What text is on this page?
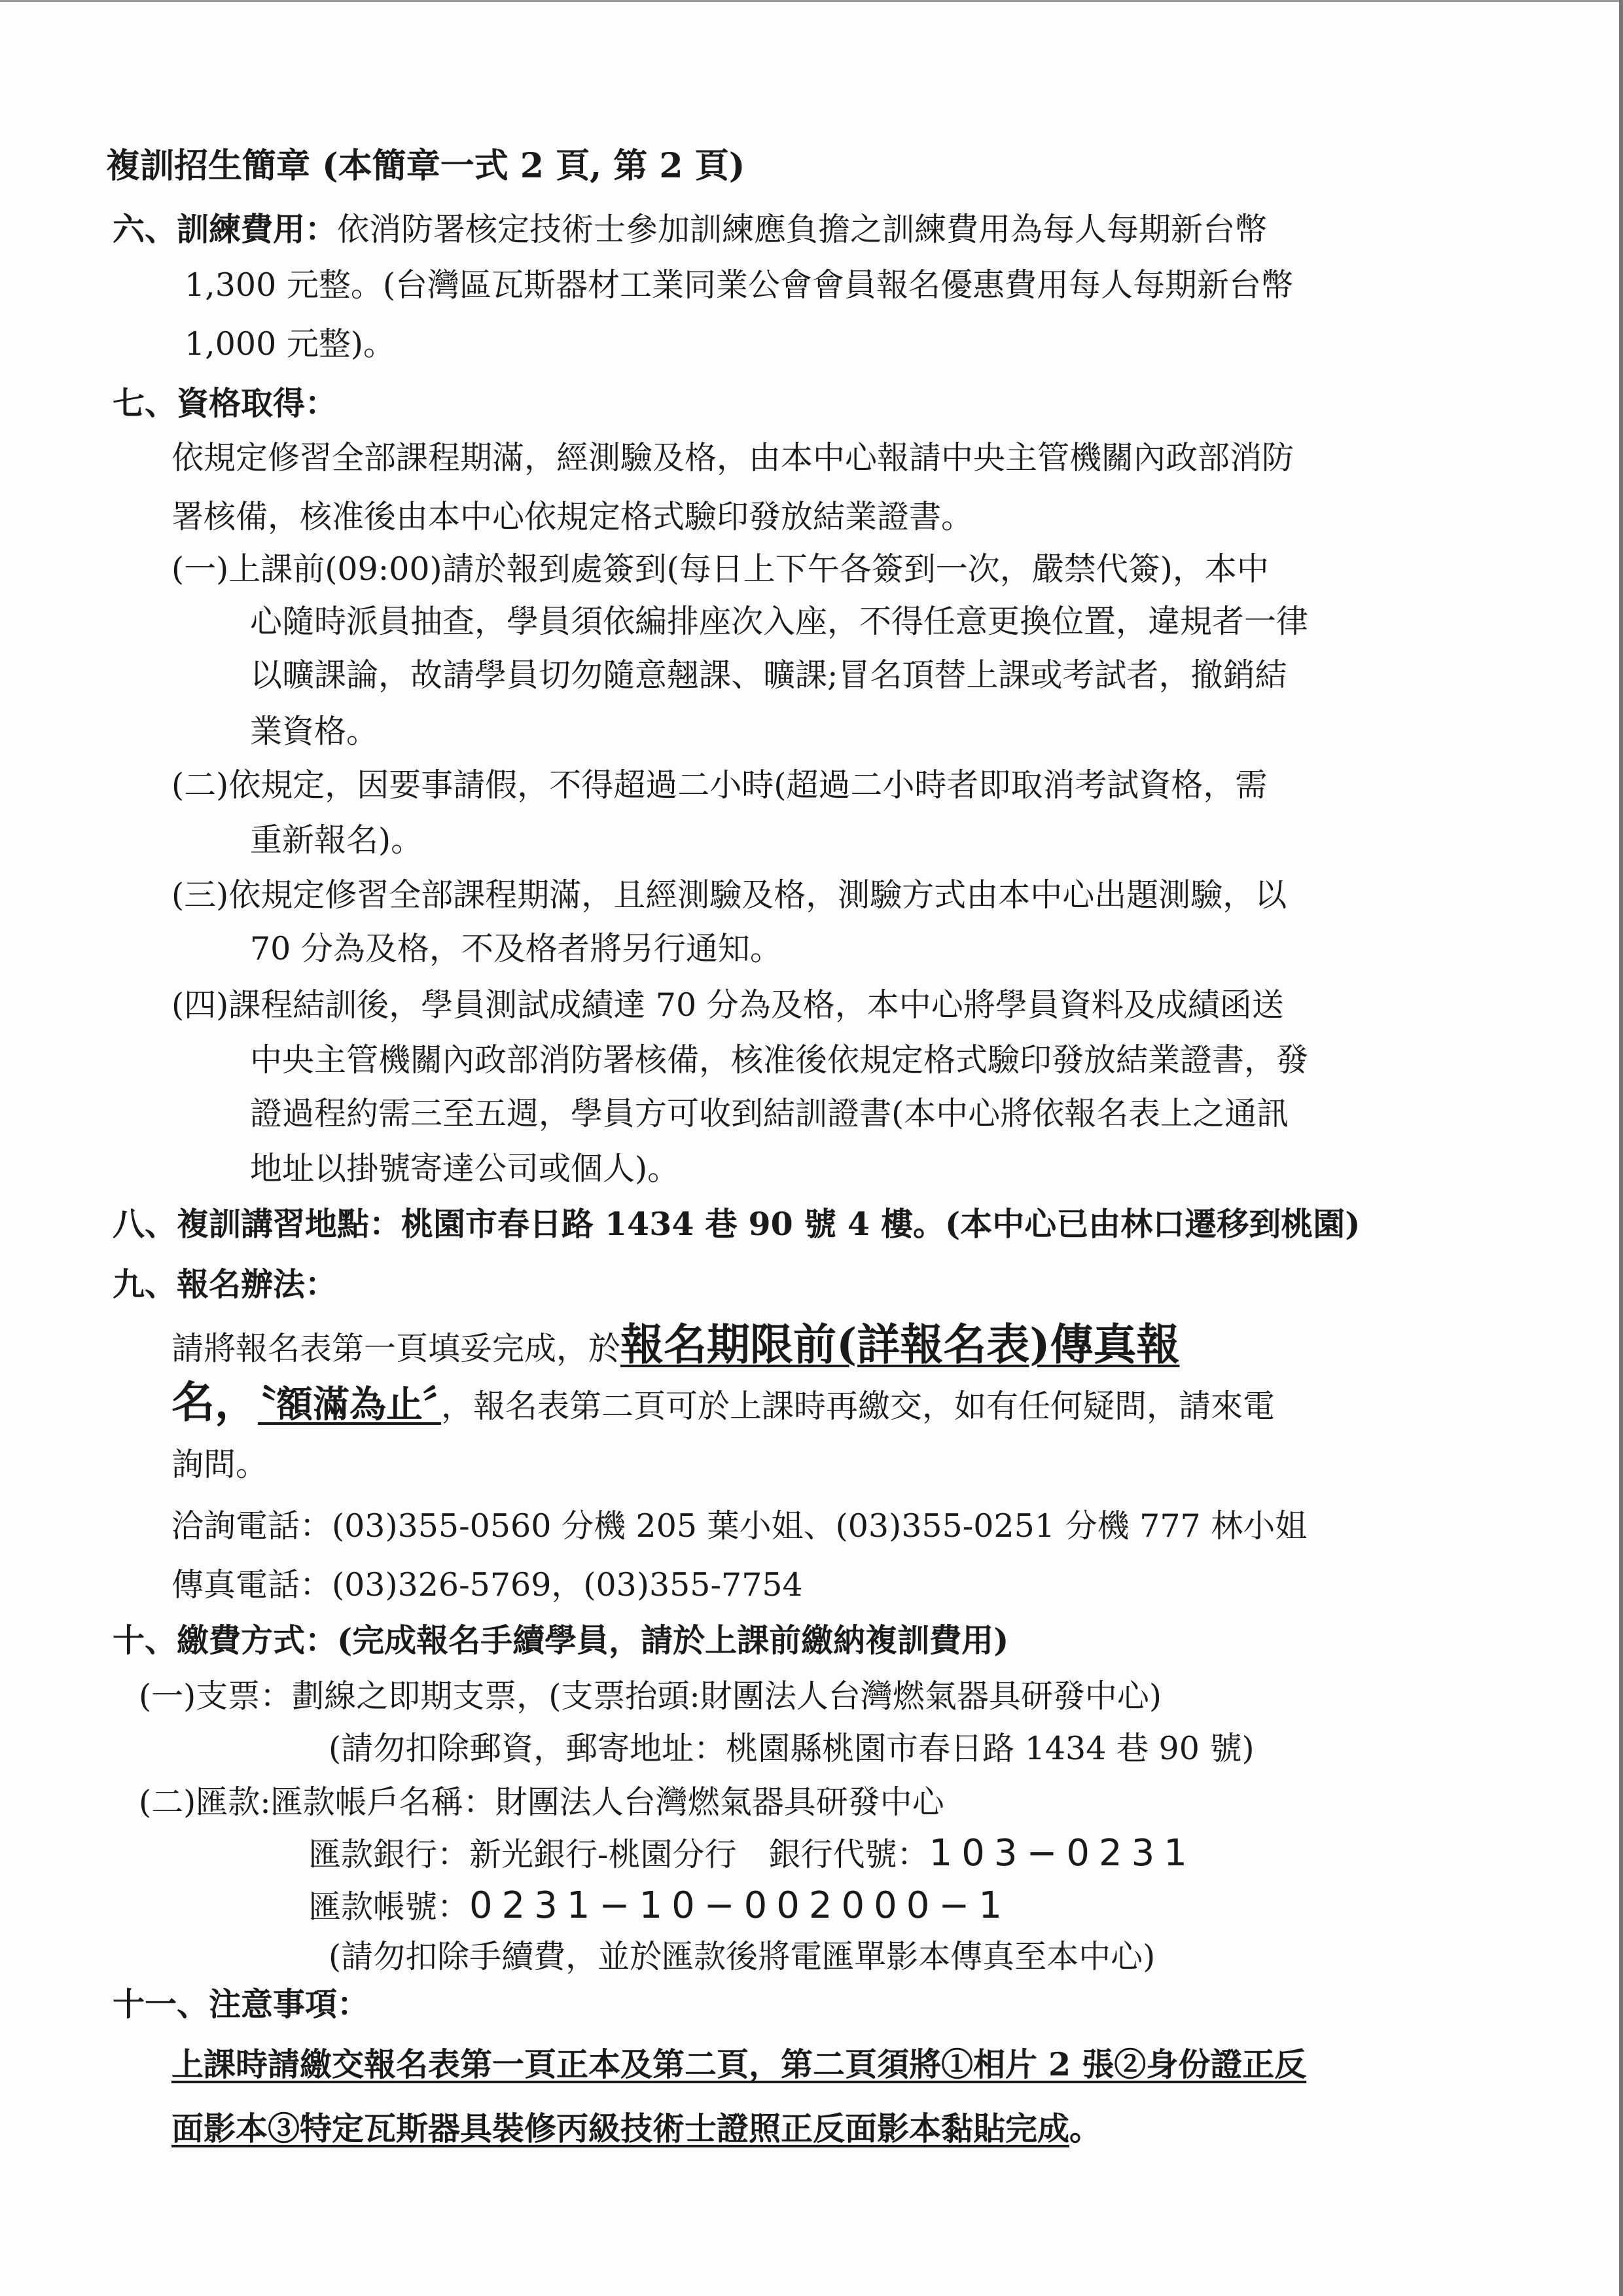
複訓招生簡章 (本簡章一式 2 頁, 第 2 頁)
六、訓練費用：依消防署核定技術士參加訓練應負擔之訓練費用為每人每期新台幣
1,300 元整。(台灣區瓦斯器材工業同業公會會員報名優惠費用每人每期新台幣
1,000 元整)。
七、資格取得：
依規定修習全部課程期滿，經測驗及格，由本中心報請中央主管機關內政部消防
署核備，核准後由本中心依規定格式驗印發放結業證書。
(一)上課前(09:00)請於報到處簽到(每日上下午各簽到一次，嚴禁代簽)，本中
心隨時派員抽查，學員須依編排座次入座，不得任意更換位置，違規者一律
以曠課論，故請學員切勿隨意翹課、曠課;冒名頂替上課或考試者，撤銷結
業資格。
(二)依規定，因要事請假，不得超過二小時(超過二小時者即取消考試資格，需
重新報名)。
(三)依規定修習全部課程期滿，且經測驗及格，測驗方式由本中心出題測驗，以
70 分為及格，不及格者將另行通知。
(四)課程結訓後，學員測試成績達 70 分為及格，本中心將學員資料及成績函送
中央主管機關內政部消防署核備，核准後依規定格式驗印發放結業證書，發
證過程約需三至五週，學員方可收到結訓證書(本中心將依報名表上之通訊
地址以掛號寄達公司或個人)。
八、複訓講習地點：桃園市春日路 1434 巷 90 號 4 樓。(本中心已由林口遷移到桃園)
九、報名辦法：
請將報名表第一頁填妥完成，於報名期限前(詳報名表)傳真報
名，〝額滿為止〞，報名表第二頁可於上課時再繳交，如有任何疑問，請來電
詢問。
洽詢電話：(03)355-0560 分機 205 葉小姐、(03)355-0251 分機 777 林小姐
傳真電話：(03)326-5769，(03)355-7754
十、繳費方式：(完成報名手續學員，請於上課前繳納複訓費用)
(一)支票：劃線之即期支票，(支票抬頭:財團法人台灣燃氣器具研發中心)
(請勿扣除郵資，郵寄地址：桃園縣桃園市春日路 1434 巷 90 號)
(二)匯款:匯款帳戶名稱：財團法人台灣燃氣器具研發中心
匯款銀行：新光銀行-桃園分行　銀行代號：103−0231
匯款帳號：0231−10−002000−1
(請勿扣除手續費，並於匯款後將電匯單影本傳真至本中心)
十一、注意事項：
上課時請繳交報名表第一頁正本及第二頁，第二頁須將①相片 2 張②身份證正反
面影本③特定瓦斯器具裝修丙級技術士證照正反面影本黏貼完成。
